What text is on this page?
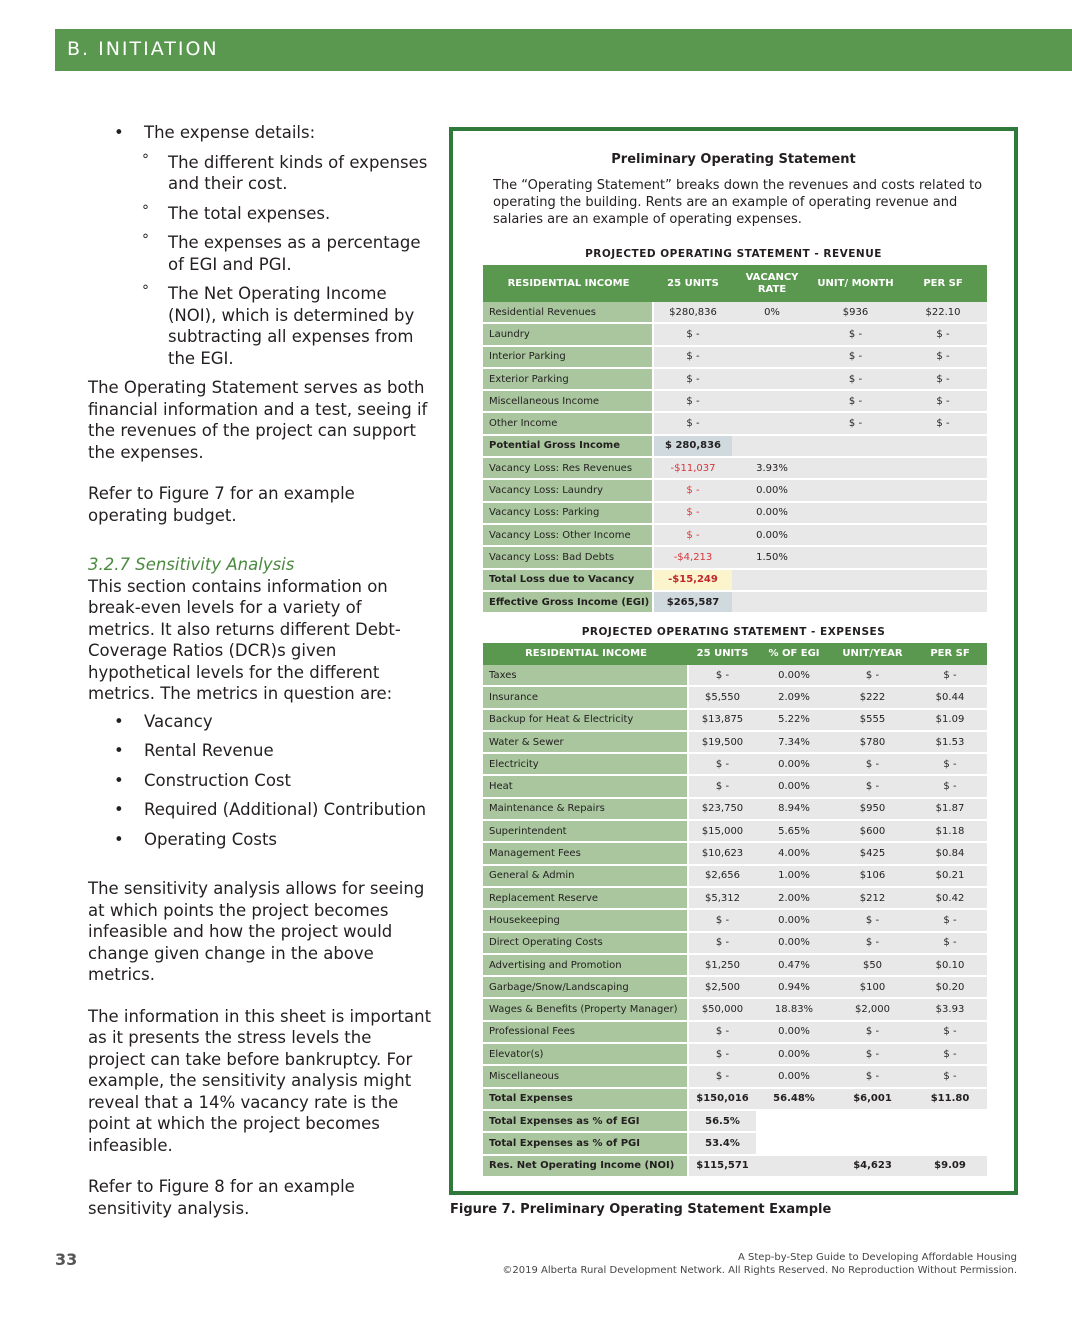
B. INITIATION
• The expense details:
° The different kinds of expenses and their cost.
° The total expenses.
° The expenses as a percentage of EGI and PGI.
° The Net Operating Income (NOI), which is determined by subtracting all expenses from the EGI.

The Operating Statement serves as both financial information and a test, seeing if the revenues of the project can support the expenses.

Refer to Figure 7 for an example operating budget.

3.2.7 Sensitivity Analysis

This section contains information on break-even levels for a variety of metrics. It also returns different Debt-Coverage Ratios (DCR)s given hypothetical levels for the different metrics. The metrics in question are:

• Vacancy
• Rental Revenue
• Construction Cost
• Required (Additional) Contribution
• Operating Costs

The sensitivity analysis allows for seeing at which points the project becomes infeasible and how the project would change given change in the above metrics.

The information in this sheet is important as it presents the stress levels the project can take before bankruptcy. For example, the sensitivity analysis might reveal that a 14% vacancy rate is the point at which the project becomes infeasible.

Refer to Figure 8 for an example sensitivity analysis.

Preliminary Operating Statement
The “Operating Statement” breaks down the revenues and costs related to operating the building. Rents are an example of operating revenue and salaries are an example of operating expenses.
PROJECTED OPERATING STATEMENT - REVENUE
RESIDENTIAL INCOME	25 UNITS	VACANCY RATE	UNIT/ MONTH	PER SF
Residential Revenues	$280,836	0%	$936	$22.10
Laundry	$ -		$ -	$ -
Interior Parking	$ -		$ -	$ -
Exterior Parking	$ -		$ -	$ -
Miscellaneous Income	$ -		$ -	$ -
Other Income	$ -		$ -	$ -
Potential Gross Income	$ 280,836			
Vacancy Loss: Res Revenues	-$11,037	3.93%		
Vacancy Loss: Laundry	$ -	0.00%		
Vacancy Loss: Parking	$ -	0.00%		
Vacancy Loss: Other Income	$ -	0.00%		
Vacancy Loss: Bad Debts	-$4,213	1.50%		
Total Loss due to Vacancy	-$15,249			
Effective Gross Income (EGI)	$265,587			
PROJECTED OPERATING STATEMENT - EXPENSES
RESIDENTIAL INCOME	25 UNITS	% OF EGI	UNIT/YEAR	PER SF
Taxes	$ -	0.00%	$ -	$ -
Insurance	$5,550	2.09%	$222	$0.44
Backup for Heat & Electricity	$13,875	5.22%	$555	$1.09
Water & Sewer	$19,500	7.34%	$780	$1.53
Electricity	$ -	0.00%	$ -	$ -
Heat	$ -	0.00%	$ -	$ -
Maintenance & Repairs	$23,750	8.94%	$950	$1.87
Superintendent	$15,000	5.65%	$600	$1.18
Management Fees	$10,623	4.00%	$425	$0.84
General & Admin	$2,656	1.00%	$106	$0.21
Replacement Reserve	$5,312	2.00%	$212	$0.42
Housekeeping	$ -	0.00%	$ -	$ -
Direct Operating Costs	$ -	0.00%	$ -	$ -
Advertising and Promotion	$1,250	0.47%	$50	$0.10
Garbage/Snow/Landscaping	$2,500	0.94%	$100	$0.20
Wages & Benefits (Property Manager)	$50,000	18.83%	$2,000	$3.93
Professional Fees	$ -	0.00%	$ -	$ -
Elevator(s)	$ -	0.00%	$ -	$ -
Miscellaneous	$ -	0.00%	$ -	$ -
Total Expenses	$150,016	56.48%	$6,001	$11.80
Total Expenses as % of EGI	56.5%			
Total Expenses as % of PGI	53.4%			
Res. Net Operating Income (NOI)	$115,571		$4,623	$9.09
Figure 7. Preliminary Operating Statement Example
33	A Step-by-Step Guide to Developing Affordable Housing
©2019 Alberta Rural Development Network. All Rights Reserved. No Reproduction Without Permission.
